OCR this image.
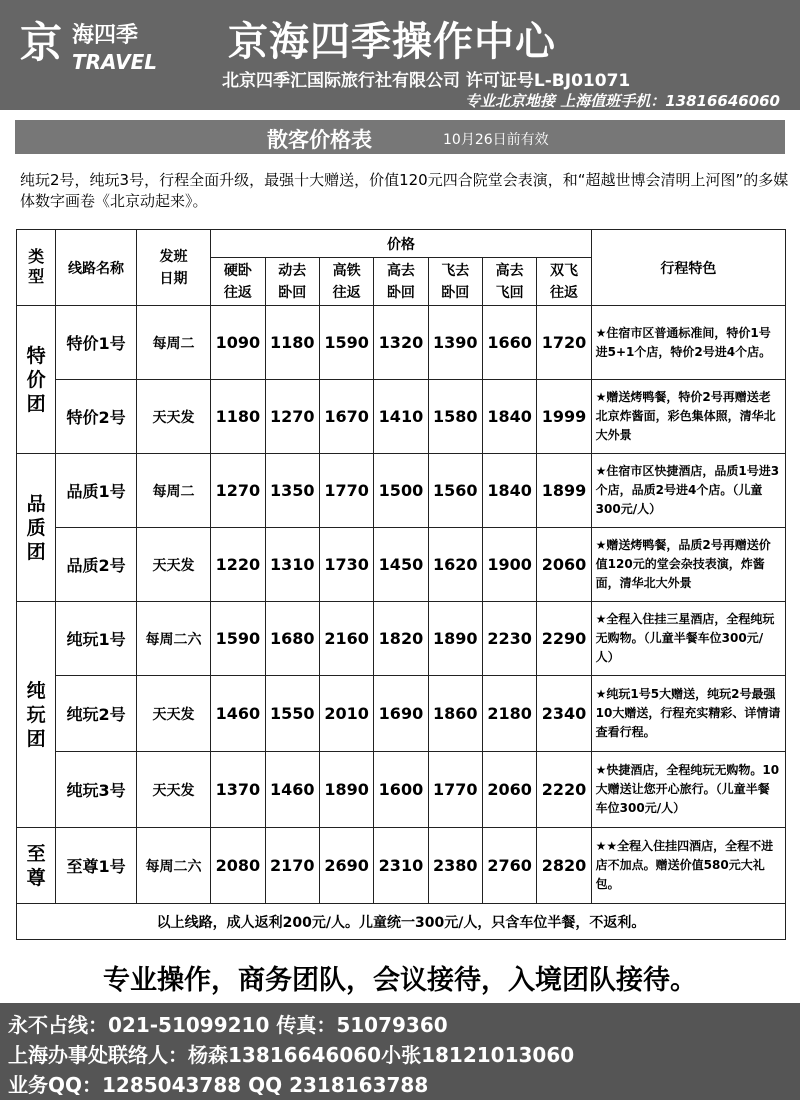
京 海四季
TRAVEL 京海四季操作中心
北京四季汇国际旅行社有限公司 许可证号L-BJ01071
专业北京地接 上海值班手机：13816646060
散客价格表	10月26日前有效
纯玩2号，纯玩3号，行程全面升级，最强十大赠送，价值120元四合院堂会表演，和“超越世博会清明上河图”的多媒体数字画卷《北京动起来》。
类型	线路名称	发班日期	价格							行程特色
			硬卧往返	动去卧回	高铁往返	高去卧回	飞去卧回	高去飞回	双飞往返	
特价团	特价1号	每周二	1090	1180	1590	1320	1390	1660	1720	★住宿市区普通标准间，特价1号进5+1个店，特价2号进4个店。
	特价2号	天天发	1180	1270	1670	1410	1580	1840	1999	★赠送烤鸭餐，特价2号再赠送老北京炸酱面，彩色集体照，清华北大外景
品质团	品质1号	每周二	1270	1350	1770	1500	1560	1840	1899	★住宿市区快捷酒店，品质1号进3个店，品质2号进4个店。（儿童300元/人）
	品质2号	天天发	1220	1310	1730	1450	1620	1900	2060	★赠送烤鸭餐，品质2号再赠送价值120元的堂会杂技表演，炸酱面，清华北大外景
纯玩团	纯玩1号	每周二六	1590	1680	2160	1820	1890	2230	2290	★全程入住挂三星酒店，全程纯玩无购物。（儿童半餐车位300元/人）
	纯玩2号	天天发	1460	1550	2010	1690	1860	2180	2340	★纯玩1号5大赠送，纯玩2号最强10大赠送，行程充实精彩、详情请查看行程。
	纯玩3号	天天发	1370	1460	1890	1600	1770	2060	2220	★快捷酒店，全程纯玩无购物。10大赠送让您开心旅行。（儿童半餐车位300元/人）
至尊	至尊1号	每周二六	2080	2170	2690	2310	2380	2760	2820	★★全程入住挂四酒店，全程不进店不加点。赠送价值580元大礼包。
以上线路，成人返利200元/人。儿童统一300元/人，只含车位半餐，不返利。										
专业操作，商务团队，会议接待，入境团队接待。
永不占线：021-51099210 传真：51079360
上海办事处联络人：杨森13816646060小张18121013060
业务QQ：1285043788 QQ 2318163788
